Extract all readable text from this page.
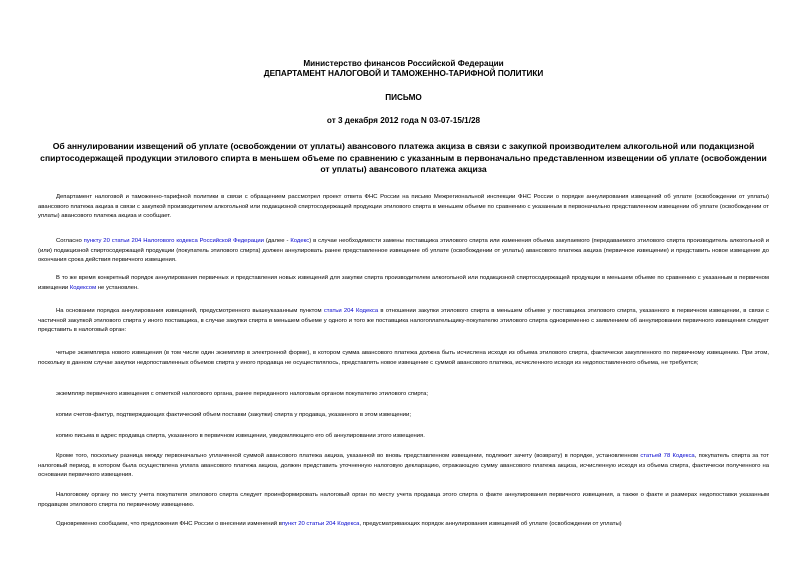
Министерство финансов Российской Федерации
ДЕПАРТАМЕНТ НАЛОГОВОЙ И ТАМОЖЕННО-ТАРИФНОЙ ПОЛИТИКИ
ПИСЬМО
от 3 декабря 2012 года N 03-07-15/1/28
Об аннулировании извещений об уплате (освобождении от уплаты) авансового платежа акциза в связи с закупкой производителем алкогольной или подакцизной спиртосодержащей продукции этилового спирта в меньшем объеме по сравнению с указанным в первоначально представленном извещении об уплате (освобождении от уплаты) авансового платежа акциза

Департамент налоговой и таможенно-тарифной политики в связи с обращением рассмотрел проект ответа ФНС России на письмо Межрегиональной инспекции ФНС России о порядке аннулирования извещений об уплате (освобождении от уплаты) авансового платежа акциза в связи с закупкой производителем алкогольной или подакцизной спиртосодержащей продукции этилового спирта в меньшем объеме по сравнению с указанным в первоначально представленном извещении об уплате (освобождении от уплаты) авансового платежа акциза и сообщает.

Согласно пункту 20 статьи 204 Налогового кодекса Российской Федерации (далее - Кодекс) в случае необходимости замены поставщика этилового спирта или изменения объема закупаемого (передаваемого этилового спирта производитель алкогольной и (или) подакцизной спиртосодержащей продукции (покупатель этилового спирта) должен аннулировать ранее представленное извещение об уплате (освобождении от уплаты) авансового платежа акциза (первичное извещение) и представить новое извещение до окончания срока действия первичного извещения.

В то же время конкретный порядок аннулирования первичных и представления новых извещений для закупки спирта производителем алкогольной или подакцизной спиртосодержащей продукции в меньшем объеме по сравнению с указанным в первичном извещении Кодексом не установлен.

На основании порядка аннулирования извещений, предусмотренного вышеуказанным пунктом статьи 204 Кодекса в отношении закупки этилового спирта в меньшем объеме у поставщика этилового спирта, указанного в первичном извещении, в связи с частичной закупкой этилового спирта у иного поставщика, в случае закупки спирта в меньшем объеме у одного и того же поставщика налогоплательщику-покупателю этилового спирта одновременно с заявлением об аннулировании первичного извещения следует представить в налоговый орган:

четыре экземпляра нового извещения (в том числе один экземпляр в электронной форме), в котором сумма авансового платежа должна быть исчислена исходя из объема этилового спирта, фактически закупленного по первичному извещению. При этом, поскольку в данном случае закупки недопоставленных объемов спирта у иного продавца не осуществлялось, представлять новое извещение с суммой авансового платежа, исчисленного исходя из недопоставленного объема, не требуется;

экземпляр первичного извещения с отметкой налогового органа, ранее переданного налоговым органом покупателю этилового спирта;

копии счетов-фактур, подтверждающих фактический объем поставки (закупки) спирта у продавца, указанного в этом извещении;

копию письма в адрес продавца спирта, указанного в первичном извещении, уведомляющего его об аннулировании этого извещения.

Кроме того, поскольку разница между первоначально уплаченной суммой авансового платежа акциза, указанной во вновь представленном извещении, подлежит зачету (возврату) в порядке, установленном статьей 78 Кодекса, покупатель спирта за тот налоговый период, в котором была осуществлена уплата авансового платежа акциза, должен представить уточненную налоговую декларацию, отражающую сумму авансового платежа акциза, исчисленную исходя из объема спирта, фактически полученного на основании первичного извещения.

Налоговому органу по месту учета покупателя этилового спирта следует проинформировать налоговый орган по месту учета продавца этого спирта о факте аннулирования первичного извещения, а также о факте и размерах недопоставки указанным продавцом этилового спирта по первичному извещению.

Одновременно сообщаем, что предложения ФНС России о внесении изменений впункт 20 статьи 204 Кодекса, предусматривающих порядок аннулирования извещений об уплате (освобождении от уплаты)
